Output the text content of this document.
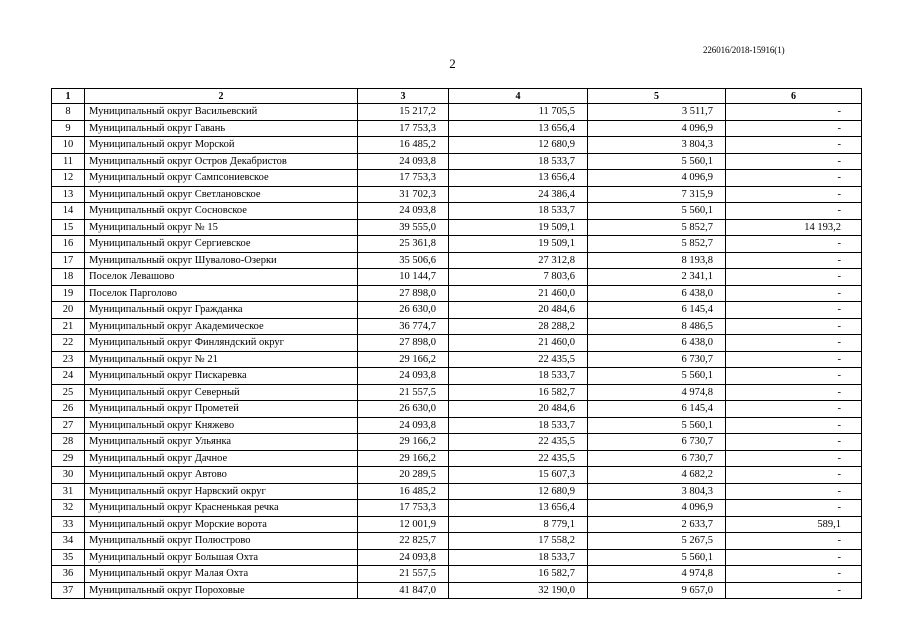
226016/2018-15916(1)
2
1	2	3	4	5	6
8	Муниципальный округ Васильевский	15 217,2	11 705,5	3 511,7	-
9	Муниципальный округ Гавань	17 753,3	13 656,4	4 096,9	-
10	Муниципальный округ Морской	16 485,2	12 680,9	3 804,3	-
11	Муниципальный округ Остров Декабристов	24 093,8	18 533,7	5 560,1	-
12	Муниципальный округ Сампсониевское	17 753,3	13 656,4	4 096,9	-
13	Муниципальный округ Светлановское	31 702,3	24 386,4	7 315,9	-
14	Муниципальный округ Сосновское	24 093,8	18 533,7	5 560,1	-
15	Муниципальный округ № 15	39 555,0	19 509,1	5 852,7	14 193,2
16	Муниципальный округ Сергиевское	25 361,8	19 509,1	5 852,7	-
17	Муниципальный округ Шувалово-Озерки	35 506,6	27 312,8	8 193,8	-
18	Поселок Левашово	10 144,7	7 803,6	2 341,1	-
19	Поселок Парголово	27 898,0	21 460,0	6 438,0	-
20	Муниципальный округ Гражданка	26 630,0	20 484,6	6 145,4	-
21	Муниципальный округ Академическое	36 774,7	28 288,2	8 486,5	-
22	Муниципальный округ Финляндский округ	27 898,0	21 460,0	6 438,0	-
23	Муниципальный округ № 21	29 166,2	22 435,5	6 730,7	-
24	Муниципальный округ Пискаревка	24 093,8	18 533,7	5 560,1	-
25	Муниципальный округ Северный	21 557,5	16 582,7	4 974,8	-
26	Муниципальный округ Прометей	26 630,0	20 484,6	6 145,4	-
27	Муниципальный округ Княжево	24 093,8	18 533,7	5 560,1	-
28	Муниципальный округ Ульянка	29 166,2	22 435,5	6 730,7	-
29	Муниципальный округ Дачное	29 166,2	22 435,5	6 730,7	-
30	Муниципальный округ Автово	20 289,5	15 607,3	4 682,2	-
31	Муниципальный округ Нарвский округ	16 485,2	12 680,9	3 804,3	-
32	Муниципальный округ Красненькая речка	17 753,3	13 656,4	4 096,9	-
33	Муниципальный округ Морские ворота	12 001,9	8 779,1	2 633,7	589,1
34	Муниципальный округ Полюстрово	22 825,7	17 558,2	5 267,5	-
35	Муниципальный округ Большая Охта	24 093,8	18 533,7	5 560,1	-
36	Муниципальный округ Малая Охта	21 557,5	16 582,7	4 974,8	-
37	Муниципальный округ Пороховые	41 847,0	32 190,0	9 657,0	-
